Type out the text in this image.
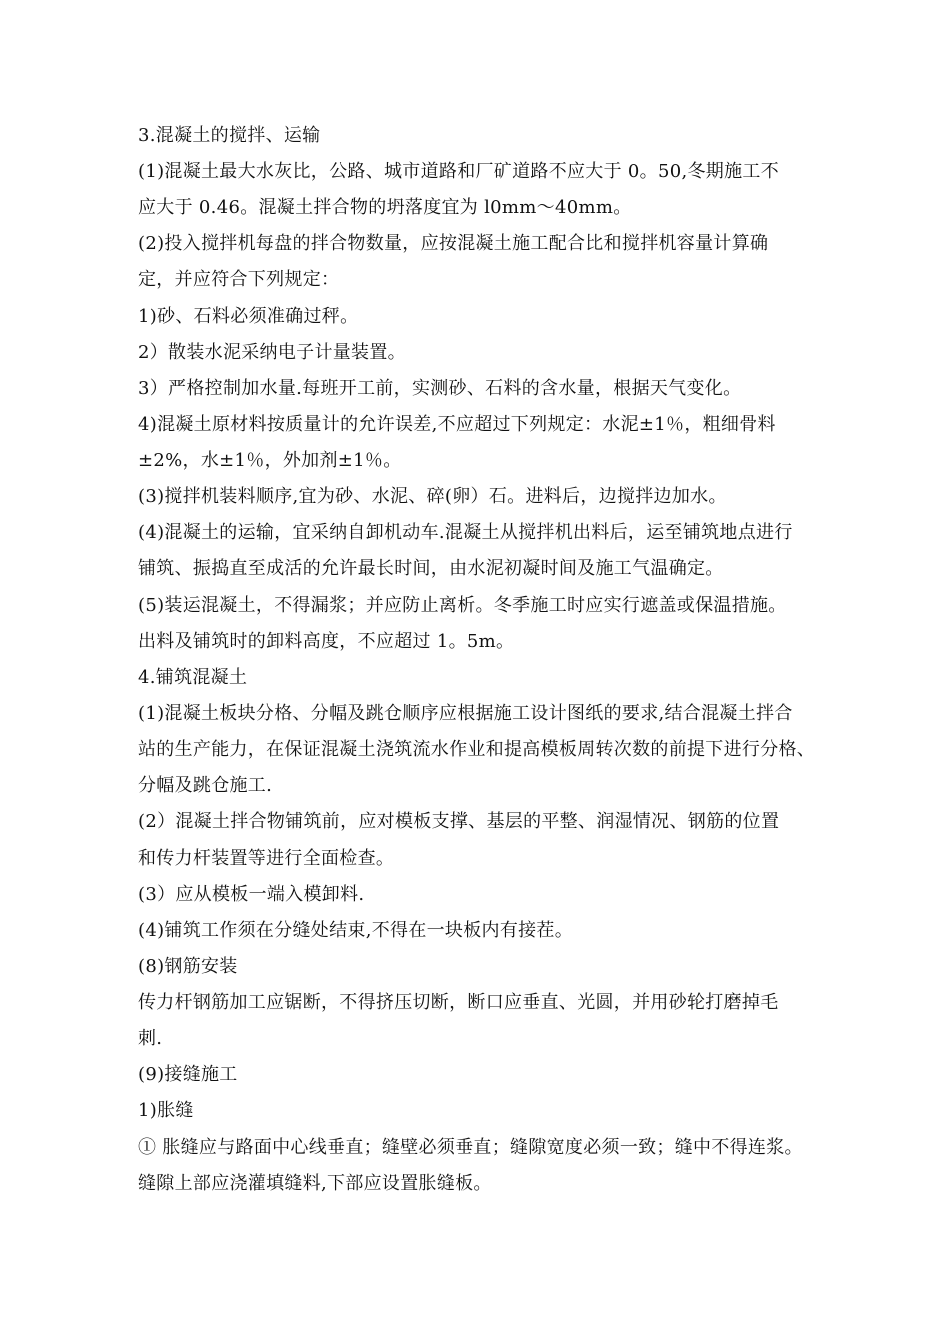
3.混凝土的搅拌、运输
(1)混凝土最大水灰比，公路、城市道路和厂矿道路不应大于 0。50,冬期施工不
应大于 0.46。混凝土拌合物的坍落度宜为 l0mm～40mm。
(2)投入搅拌机每盘的拌合物数量，应按混凝土施工配合比和搅拌机容量计算确
定，并应符合下列规定：
1)砂、石料必须准确过秤。
2）散装水泥采纳电子计量装置。
3）严格控制加水量.每班开工前，实测砂、石料的含水量，根据天气变化。
4)混凝土原材料按质量计的允许误差,不应超过下列规定：水泥±1％，粗细骨料
±2%，水±1％，外加剂±1％。
(3)搅拌机装料顺序,宜为砂、水泥、碎(卵）石。进料后，边搅拌边加水。
(4)混凝土的运输，宜采纳自卸机动车.混凝土从搅拌机出料后，运至铺筑地点进行
铺筑、振捣直至成活的允许最长时间，由水泥初凝时间及施工气温确定。
(5)装运混凝土，不得漏浆；并应防止离析。冬季施工时应实行遮盖或保温措施。
出料及铺筑时的卸料高度，不应超过 1。5m。
4.铺筑混凝土
(1)混凝土板块分格、分幅及跳仓顺序应根据施工设计图纸的要求,结合混凝土拌合
站的生产能力，在保证混凝土浇筑流水作业和提高模板周转次数的前提下进行分格、
分幅及跳仓施工.
(2）混凝土拌合物铺筑前，应对模板支撑、基层的平整、润湿情况、钢筋的位置
和传力杆装置等进行全面检查。
(3）应从模板一端入模卸料.
(4)铺筑工作须在分缝处结束,不得在一块板内有接茬。
(8)钢筋安装
传力杆钢筋加工应锯断，不得挤压切断，断口应垂直、光圆，并用砂轮打磨掉毛
刺.
(9)接缝施工
1)胀缝
① 胀缝应与路面中心线垂直；缝壁必须垂直；缝隙宽度必须一致；缝中不得连浆。
缝隙上部应浇灌填缝料,下部应设置胀缝板。
